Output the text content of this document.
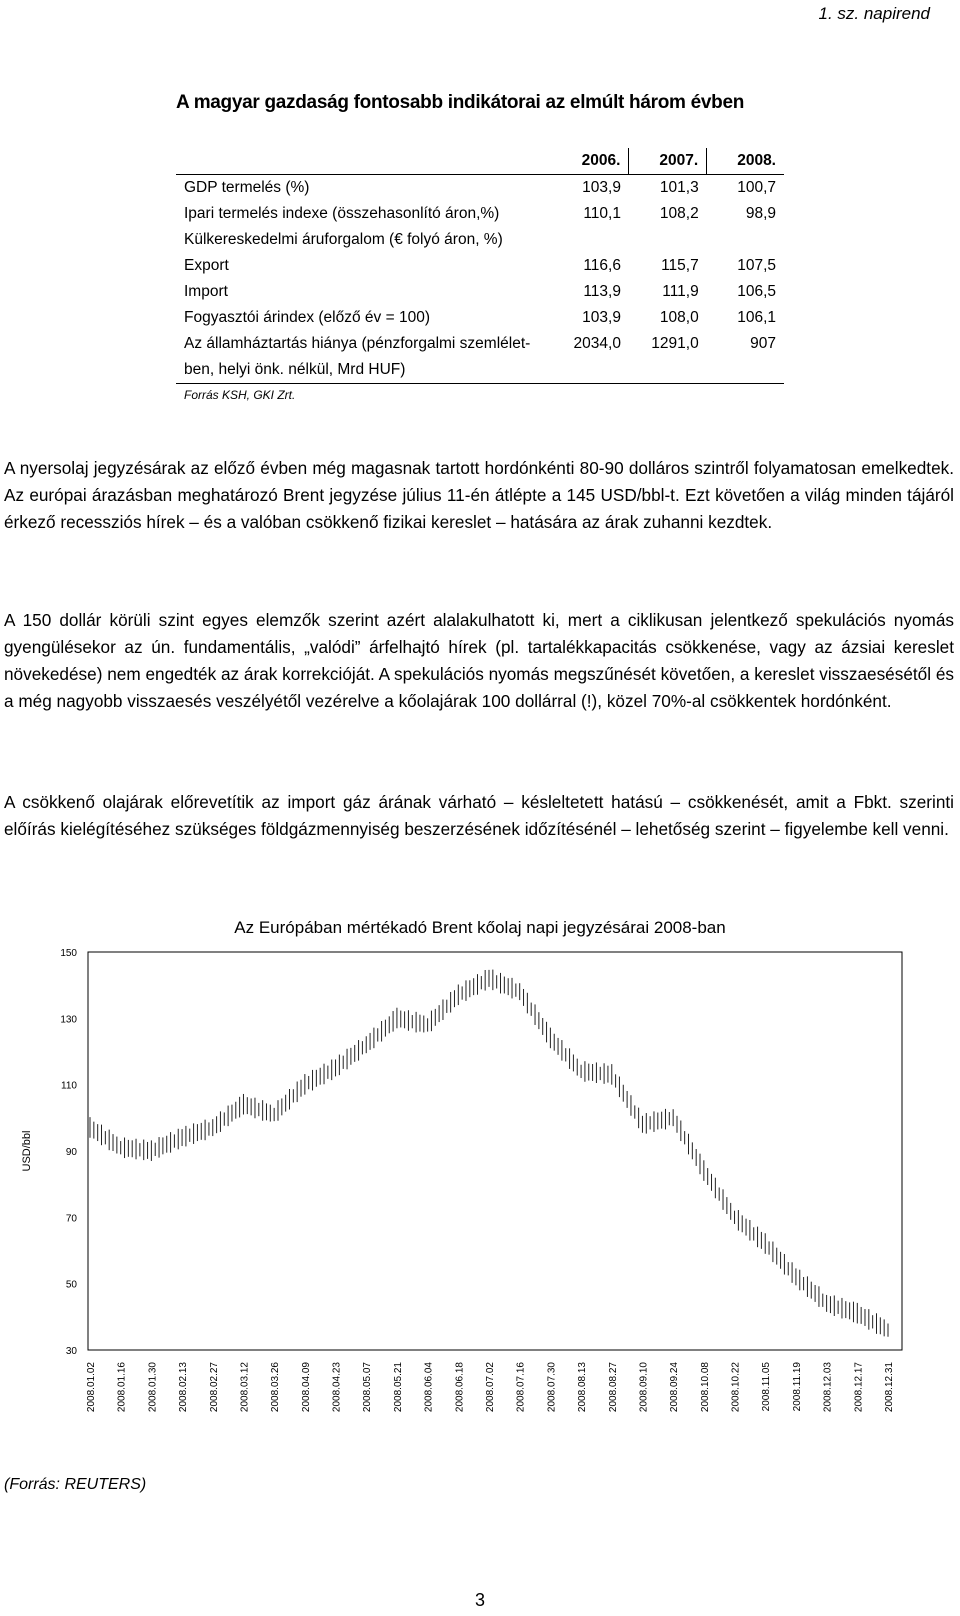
1. sz. napirend
A magyar gazdaság fontosabb indikátorai az elmúlt három évben
	2006.	2007.	2008.
GDP termelés (%)	103,9	101,3	100,7
Ipari termelés indexe (összehasonlító áron,%)	110,1	108,2	98,9
Külkereskedelmi áruforgalom (€ folyó áron, %)			
Export	116,6	115,7	107,5
Import	113,9	111,9	106,5
Fogyasztói árindex (előző év = 100)	103,9	108,0	106,1
Az államháztartás hiánya (pénzforgalmi szemlélet-ben, helyi önk. nélkül, Mrd HUF)	2034,0	1291,0	907
Forrás KSH, GKI Zrt.

A nyersolaj jegyzésárak az előző évben még magasnak tartott hordónkénti 80-90 dolláros szintről folyamatosan emelkedtek. Az európai árazásban meghatározó Brent jegyzése július 11-én átlépte a 145 USD/bbl-t. Ezt követően a világ minden tájáról érkező recessziós hírek – és a valóban csökkenő fizikai kereslet – hatására az árak zuhanni kezdtek.

A 150 dollár körüli szint egyes elemzők szerint azért alalakulhatott ki, mert a ciklikusan jelentkező spekulációs nyomás gyengülésekor az ún. fundamentális, „valódi” árfelhajtó hírek (pl. tartalékkapacitás csökkenése, vagy az ázsiai kereslet növekedése) nem engedték az árak korrekcióját. A spekulációs nyomás megszűnését követően, a kereslet visszaesésétől és a még nagyobb visszaesés veszélyétől vezérelve a kőolajárak 100 dollárral (!), közel 70%-al csökkentek hordónként.

A csökkenő olajárak előrevetítik az import gáz árának várható – késleltetett hatású – csökkenését, amit a Fbkt. szerinti előírás kielégítéséhez szükséges földgázmennyiség beszerzésének időzítésénél – lehetőség szerint – figyelembe kell venni.

Az Európában mértékadó Brent kőolaj napi jegyzésárai 2008-ban
150
130
110
90
70
50
30
2008.01.02 2008.01.16 2008.01.30 2008.02.13 2008.02.27 2008.03.12 2008.03.26 2008.04.09 2008.04.23 2008.05.07 2008.05.21 2008.06.04 2008.06.18 2008.07.02 2008.07.16 2008.07.30 2008.08.13 2008.08.27 2008.09.10 2008.09.24 2008.10.08 2008.10.22 2008.11.05 2008.11.19 2008.12.03 2008.12.17 2008.12.31
USD/bbl
(Forrás: REUTERS)
3
